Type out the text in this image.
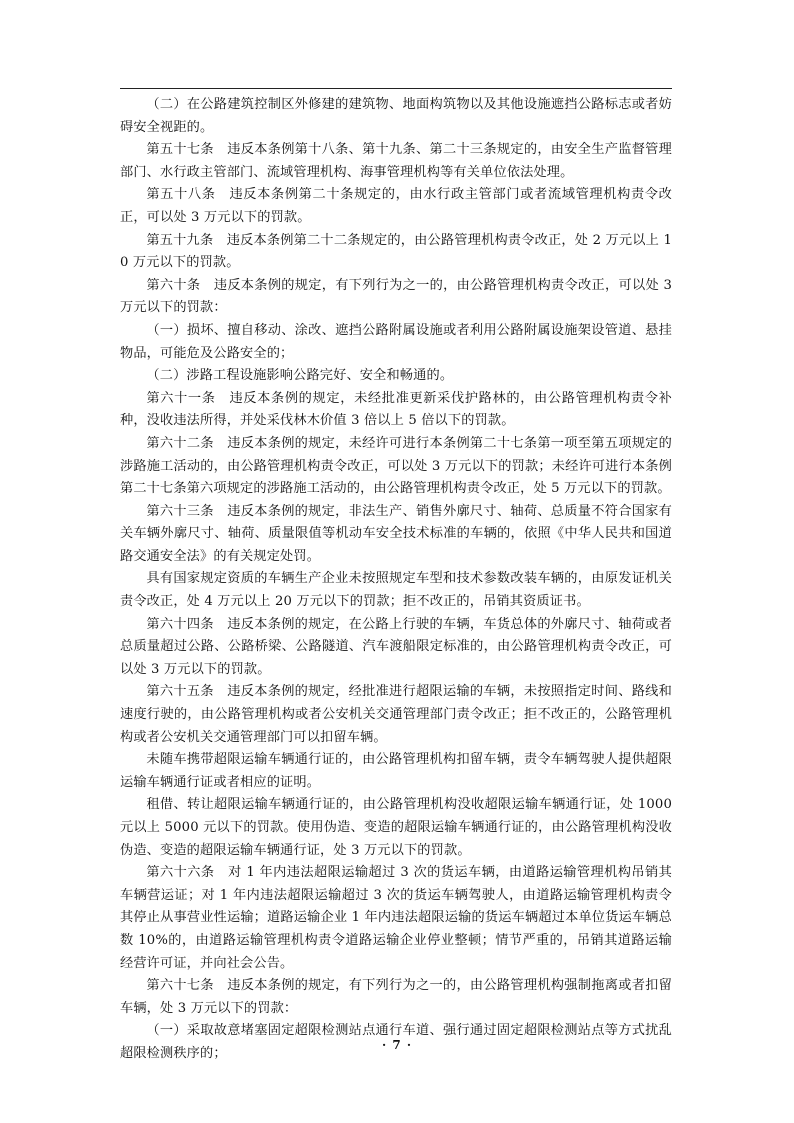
（二）在公路建筑控制区外修建的建筑物、地面构筑物以及其他设施遮挡公路标志或者妨碍安全视距的。

第五十七条　违反本条例第十八条、第十九条、第二十三条规定的，由安全生产监督管理部门、水行政主管部门、流域管理机构、海事管理机构等有关单位依法处理。

第五十八条　违反本条例第二十条规定的，由水行政主管部门或者流域管理机构责令改正，可以处 3 万元以下的罚款。

第五十九条　违反本条例第二十二条规定的，由公路管理机构责令改正，处 2 万元以上 10 万元以下的罚款。

第六十条　违反本条例的规定，有下列行为之一的，由公路管理机构责令改正，可以处 3 万元以下的罚款：

（一）损坏、擅自移动、涂改、遮挡公路附属设施或者利用公路附属设施架设管道、悬挂物品，可能危及公路安全的；

（二）涉路工程设施影响公路完好、安全和畅通的。

第六十一条　违反本条例的规定，未经批准更新采伐护路林的，由公路管理机构责令补种，没收违法所得，并处采伐林木价值 3 倍以上 5 倍以下的罚款。

第六十二条　违反本条例的规定，未经许可进行本条例第二十七条第一项至第五项规定的涉路施工活动的，由公路管理机构责令改正，可以处 3 万元以下的罚款；未经许可进行本条例第二十七条第六项规定的涉路施工活动的，由公路管理机构责令改正，处 5 万元以下的罚款。

第六十三条　违反本条例的规定，非法生产、销售外廓尺寸、轴荷、总质量不符合国家有关车辆外廓尺寸、轴荷、质量限值等机动车安全技术标准的车辆的，依照《中华人民共和国道路交通安全法》的有关规定处罚。

具有国家规定资质的车辆生产企业未按照规定车型和技术参数改装车辆的，由原发证机关责令改正，处 4 万元以上 20 万元以下的罚款；拒不改正的，吊销其资质证书。

第六十四条　违反本条例的规定，在公路上行驶的车辆，车货总体的外廓尺寸、轴荷或者总质量超过公路、公路桥梁、公路隧道、汽车渡船限定标准的，由公路管理机构责令改正，可以处 3 万元以下的罚款。

第六十五条　违反本条例的规定，经批准进行超限运输的车辆，未按照指定时间、路线和速度行驶的，由公路管理机构或者公安机关交通管理部门责令改正；拒不改正的，公路管理机构或者公安机关交通管理部门可以扣留车辆。

未随车携带超限运输车辆通行证的，由公路管理机构扣留车辆，责令车辆驾驶人提供超限运输车辆通行证或者相应的证明。

租借、转让超限运输车辆通行证的，由公路管理机构没收超限运输车辆通行证，处 1000 元以上 5000 元以下的罚款。使用伪造、变造的超限运输车辆通行证的，由公路管理机构没收伪造、变造的超限运输车辆通行证，处 3 万元以下的罚款。

第六十六条　对 1 年内违法超限运输超过 3 次的货运车辆，由道路运输管理机构吊销其车辆营运证；对 1 年内违法超限运输超过 3 次的货运车辆驾驶人，由道路运输管理机构责令其停止从事营业性运输；道路运输企业 1 年内违法超限运输的货运车辆超过本单位货运车辆总数 10%的，由道路运输管理机构责令道路运输企业停业整顿；情节严重的，吊销其道路运输经营许可证，并向社会公告。

第六十七条　违反本条例的规定，有下列行为之一的，由公路管理机构强制拖离或者扣留车辆，处 3 万元以下的罚款：

（一）采取故意堵塞固定超限检测站点通行车道、强行通过固定超限检测站点等方式扰乱超限检测秩序的；

· 7 ·
